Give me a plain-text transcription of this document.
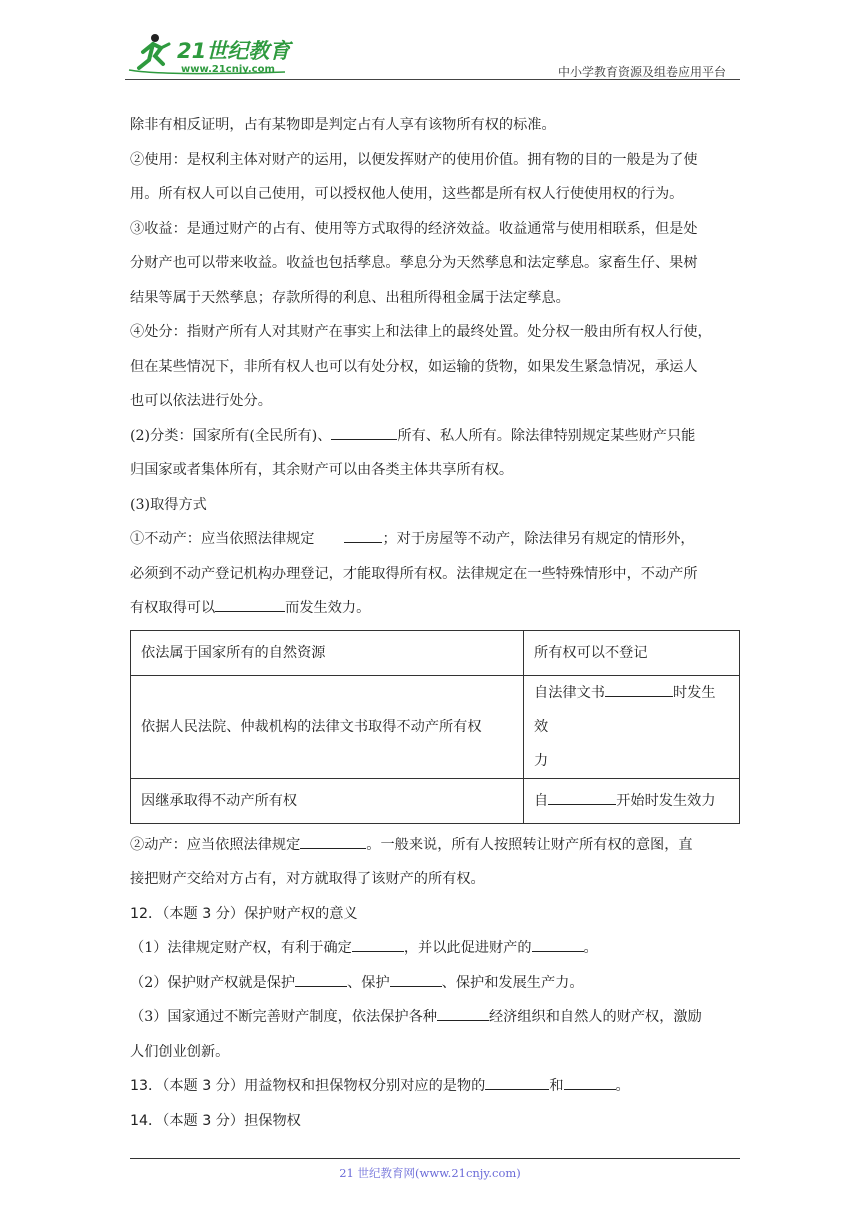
21世纪教育
www.21cnjy.com	中小学教育资源及组卷应用平台

除非有相反证明，占有某物即是判定占有人享有该物所有权的标准。

②使用：是权利主体对财产的运用，以便发挥财产的使用价值。拥有物的目的一般是为了使

用。所有权人可以自己使用，可以授权他人使用，这些都是所有权人行使使用权的行为。

③收益：是通过财产的占有、使用等方式取得的经济效益。收益通常与使用相联系，但是处

分财产也可以带来收益。收益也包括孳息。孳息分为天然孳息和法定孳息。家畜生仔、果树

结果等属于天然孳息；存款所得的利息、出租所得租金属于法定孳息。

④处分：指财产所有人对其财产在事实上和法律上的最终处置。处分权一般由所有权人行使，

但在某些情况下，非所有权人也可以有处分权，如运输的货物，如果发生紧急情况，承运人

也可以依法进行处分。

(2)分类：国家所有(全民所有)、	所有、私人所有。除法律特别规定某些财产只能

归国家或者集体所有，其余财产可以由各类主体共享所有权。

(3)取得方式

①不动产：应当依照法律规定	；对于房屋等不动产，除法律另有规定的情形外，

必须到不动产登记机构办理登记，才能取得所有权。法律规定在一些特殊情形中，不动产所

有权取得可以	而发生效力。

依法属于国家所有的自然资源	所有权可以不登记
依据人民法院、仲裁机构的法律文书取得不动产所有权	自法律文书 时发生效
力
因继承取得不动产所有权	自 开始时发生效力

②动产：应当依照法律规定	。一般来说，所有人按照转让财产所有权的意图，直

接把财产交给对方占有，对方就取得了该财产的所有权。

12．（本题 3 分）保护财产权的意义

（1）法律规定财产权，有利于确定	，并以此促进财产的	。

（2）保护财产权就是保护	、保护	、保护和发展生产力。

（3）国家通过不断完善财产制度，依法保护各种	经济组织和自然人的财产权，激励

人们创业创新。

13．（本题 3 分）用益物权和担保物权分别对应的是物的	和	。

14．（本题 3 分）担保物权

21 世纪教育网(www.21cnjy.com)
